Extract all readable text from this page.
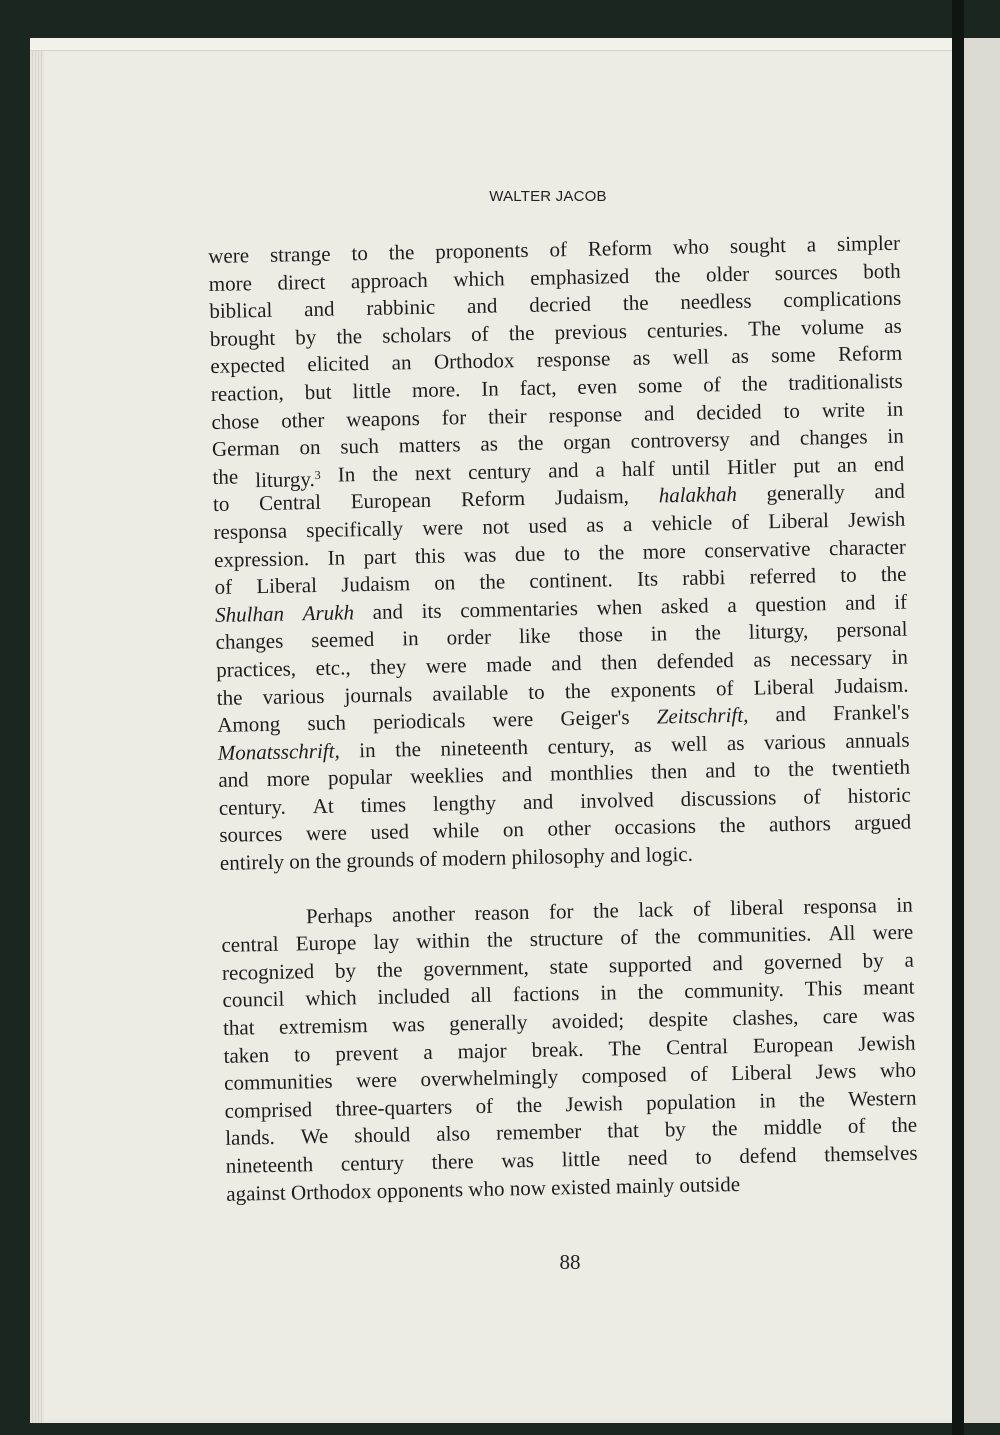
WALTER JACOB
were strange to the proponents of Reform who sought a simpler
more direct approach which emphasized the older sources both
biblical and rabbinic and decried the needless complications
brought by the scholars of the previous centuries. The volume as
expected elicited an Orthodox response as well as some Reform
reaction, but little more. In fact, even some of the traditionalists
chose other weapons for their response and decided to write in
German on such matters as the organ controversy and changes in
the liturgy.$^3$ In the next century and a half until Hitler put an end
to Central European Reform Judaism, halakhah generally and
responsa specifically were not used as a vehicle of Liberal Jewish
expression. In part this was due to the more conservative character
of Liberal Judaism on the continent. Its rabbi referred to the
Shulhan Arukh and its commentaries when asked a question and if
changes seemed in order like those in the liturgy, personal
practices, etc., they were made and then defended as necessary in
the various journals available to the exponents of Liberal Judaism.
Among such periodicals were Geiger's Zeitschrift, and Frankel's
Monatsschrift, in the nineteenth century, as well as various annuals
and more popular weeklies and monthlies then and to the twentieth
century. At times lengthy and involved discussions of historic
sources were used while on other occasions the authors argued
entirely
on
the
grounds
of
modern
philosophy
and
logic.

Perhaps another reason for the lack of liberal responsa in
central Europe lay within the structure of the communities. All were
recognized by the government, state supported and governed by a
council which included all factions in the community. This meant
that extremism was generally avoided; despite clashes, care was
taken to prevent a major break. The Central European Jewish
communities were overwhelmingly composed of Liberal Jews who
comprised three-quarters of the Jewish population in the Western
lands. We should also remember that by the middle of the
nineteenth century there was little need to defend themselves
against
Orthodox
opponents
who
now
existed
mainly
outside

88
